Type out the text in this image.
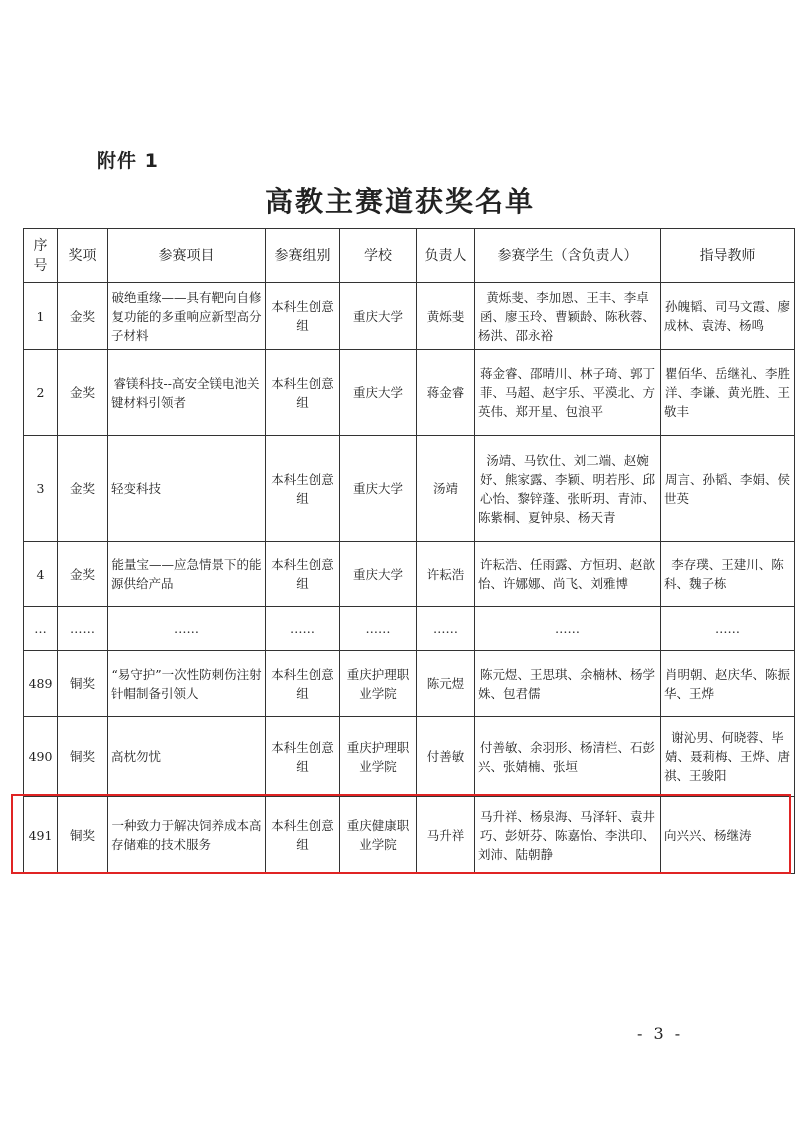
附件 1
高教主赛道获奖名单
序号	奖项	参赛项目	参赛组别	学校	负责人	参赛学生（含负责人）	指导教师
1	金奖	破绝重缘——具有靶向自修复功能的多重响应新型高分子材料	本科生创意组	重庆大学	黄烁斐	黄烁斐、李加恩、王丰、李卓函、廖玉玲、曹颖龄、陈秋蓉、杨洪、邵永裕	孙魄韬、司马文霞、廖成林、袁涛、杨鸣
2	金奖	睿镁科技--高安全镁电池关键材料引领者	本科生创意组	重庆大学	蒋金睿	蒋金睿、邵晴川、林子琦、郭丁菲、马超、赵宇乐、平漠北、方英伟、郑开星、包浪平	瞿佰华、岳继礼、李胜洋、李谦、黄光胜、王敬丰
3	金奖	轻变科技	本科生创意组	重庆大学	汤靖	汤靖、马钦仕、刘二端、赵婉妤、熊家露、李颖、明若彤、邱心怡、黎锌蓬、张昕玥、青沛、陈紫桐、夏钟泉、杨天青	周言、孙韬、李娟、侯世英
4	金奖	能量宝——应急情景下的能源供给产品	本科生创意组	重庆大学	许耘浩	许耘浩、任雨露、方恒玥、赵歆怡、许娜娜、尚飞、刘雅博	李存璞、王建川、陈科、魏子栋
…	……	……	……	……	……	……	……
489	铜奖	“易守护”一次性防刺伤注射针帽制备引领人	本科生创意组	重庆护理职业学院	陈元煜	陈元煜、王思琪、余楠林、杨学姝、包君儒	肖明朝、赵庆华、陈振华、王烨
490	铜奖	高枕勿忧	本科生创意组	重庆护理职业学院	付善敏	付善敏、余羽形、杨清栏、石彭兴、张婧楠、张垣	谢沁男、何晓蓉、毕婧、聂莉梅、王烨、唐祺、王骏阳
491	铜奖	一种致力于解决饲养成本高存储难的技术服务	本科生创意组	重庆健康职业学院	马升祥	马升祥、杨泉海、马泽轩、袁井巧、彭妍芬、陈嘉怡、李洪印、刘沛、陆朝静	向兴兴、杨继涛
- 3 -
